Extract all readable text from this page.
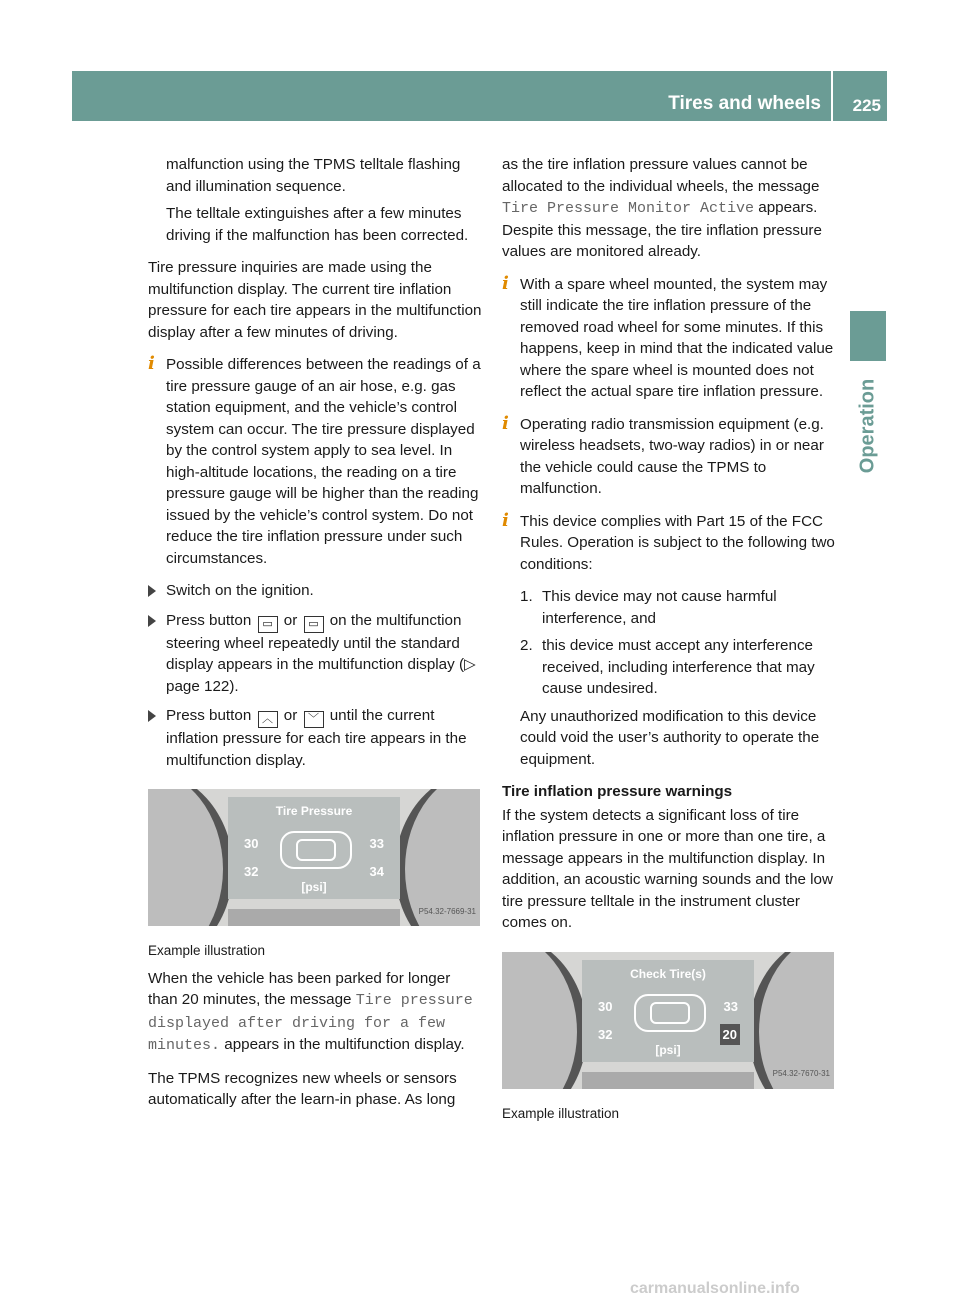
Tires and wheels 225
Operation

malfunction using the TPMS telltale flashing and illumination sequence.

The telltale extinguishes after a few minutes driving if the malfunction has been corrected.

Tire pressure inquiries are made using the multifunction display. The current tire inflation pressure for each tire appears in the multifunction display after a few minutes of driving.

i Possible differences between the readings of a tire pressure gauge of an air hose, e.g. gas station equipment, and the vehicle’s control system can occur. The tire pressure displayed by the control system apply to sea level. In high-altitude locations, the reading on a tire pressure gauge will be higher than the reading issued by the vehicle’s control system. Do not reduce the tire inflation pressure under such circumstances.

Switch on the ignition.

Press button ▭ or ▭ on the multifunction steering wheel repeatedly until the standard display appears in the multifunction display (▷ page 122).

Press button ︿ or ﹀ until the current inflation pressure for each tire appears in the multifunction display.

Tire Pressure
30	33
32	34
[psi]
P54.32-7669-31

Example illustration

When the vehicle has been parked for longer than 20 minutes, the message Tire pressure displayed after driving for a few minutes. appears in the multifunction display.

The TPMS recognizes new wheels or sensors automatically after the learn-in phase. As long

as the tire inflation pressure values cannot be allocated to the individual wheels, the message Tire Pressure Monitor Active appears. Despite this message, the tire inflation pressure values are monitored already.

i With a spare wheel mounted, the system may still indicate the tire inflation pressure of the removed road wheel for some minutes. If this happens, keep in mind that the indicated value where the spare wheel is mounted does not reflect the actual spare tire inflation pressure.

i Operating radio transmission equipment (e.g. wireless headsets, two-way radios) in or near the vehicle could cause the TPMS to malfunction.

i This device complies with Part 15 of the FCC Rules. Operation is subject to the following two conditions:

1. This device may not cause harmful interference, and

2. this device must accept any interference received, including interference that may cause undesired.

Any unauthorized modification to this device could void the user’s authority to operate the equipment.

Tire inflation pressure warnings

If the system detects a significant loss of tire inflation pressure in one or more than one tire, a message appears in the multifunction display. In addition, an acoustic warning sounds and the low tire pressure telltale in the instrument cluster comes on.

Check Tire(s)
30	33
32	20
[psi]
P54.32-7670-31

Example illustration

carmanualsonline.info
